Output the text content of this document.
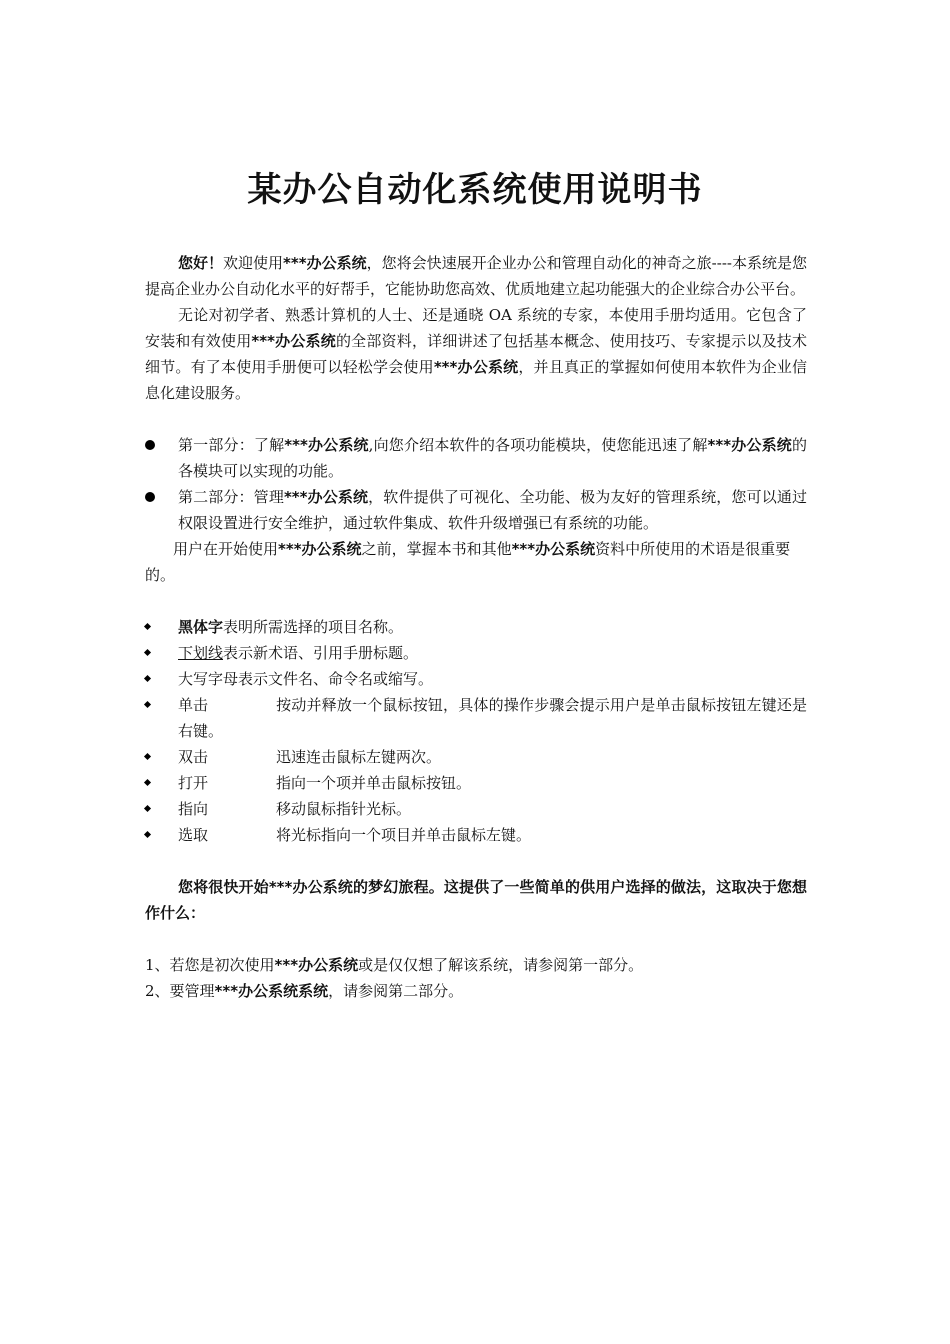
某办公自动化系统使用说明书

您好！欢迎使用***办公系统，您将会快速展开企业办公和管理自动化的神奇之旅----本系统是您提高企业办公自动化水平的好帮手，它能协助您高效、优质地建立起功能强大的企业综合办公平台。

无论对初学者、熟悉计算机的人士、还是通晓 OA 系统的专家，本使用手册均适用。它包含了安装和有效使用***办公系统的全部资料，详细讲述了包括基本概念、使用技巧、专家提示以及技术细节。有了本使用手册便可以轻松学会使用***办公系统，并且真正的掌握如何使用本软件为企业信息化建设服务。

第一部分：了解***办公系统,向您介绍本软件的各项功能模块，使您能迅速了解***办公系统的各模块可以实现的功能。
第二部分：管理***办公系统，软件提供了可视化、全功能、极为友好的管理系统，您可以通过权限设置进行安全维护，通过软件集成、软件升级增强已有系统的功能。

用户在开始使用***办公系统之前，掌握本书和其他***办公系统资料中所使用的术语是很重要的。

黑体字表明所需选择的项目名称。
下划线表示新术语、引用手册标题。
大写字母表示文件名、命令名或缩写。
单击	按动并释放一个鼠标按钮，具体的操作步骤会提示用户是单击鼠标按钮左键还是右键。
双击	迅速连击鼠标左键两次。
打开	指向一个项并单击鼠标按钮。
指向	移动鼠标指针光标。
选取	将光标指向一个项目并单击鼠标左键。

您将很快开始***办公系统的梦幻旅程。这提供了一些简单的供用户选择的做法，这取决于您想作什么：

1、若您是初次使用***办公系统或是仅仅想了解该系统，请参阅第一部分。

2、要管理***办公系统系统，请参阅第二部分。
